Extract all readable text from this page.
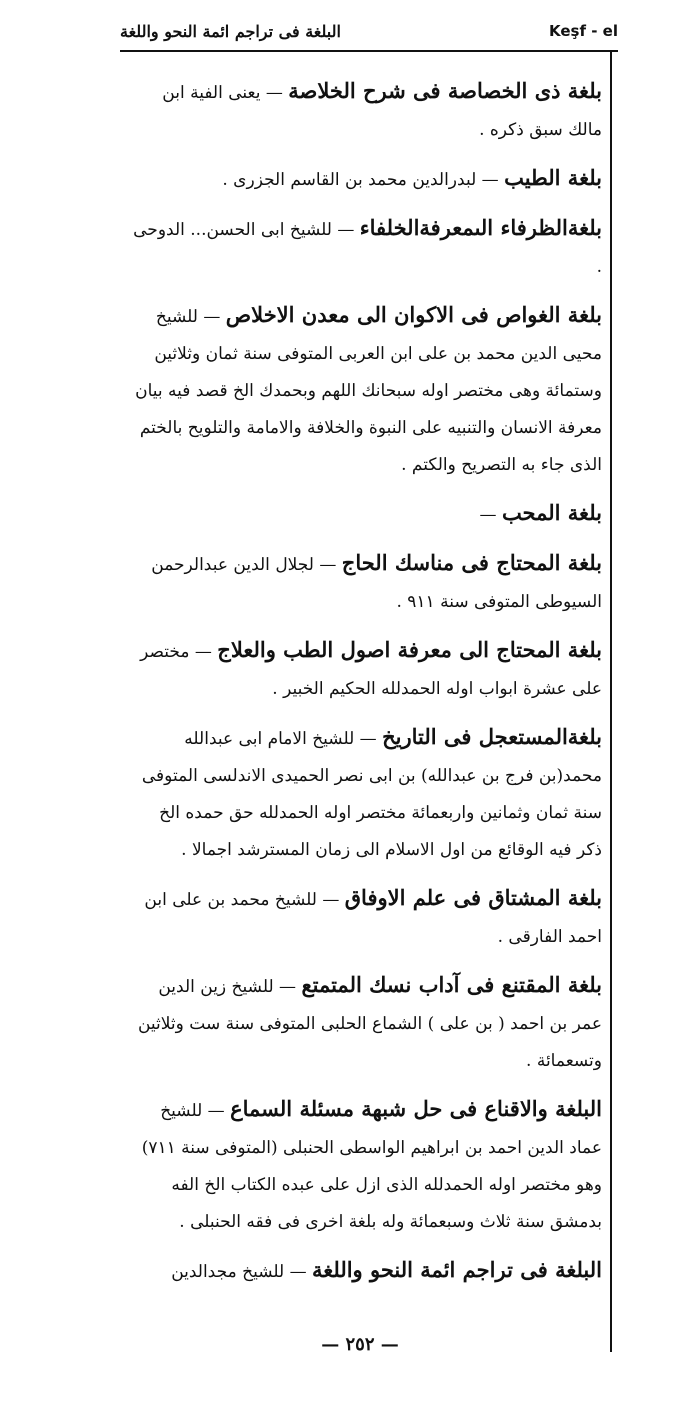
البلغة فى تراجم ائمة النحو واللغة	Keşf - el

بلغة ذى الخصاصة فى شرح الخلاصة — يعنى الفية ابن مالك سبق ذكره .

بلغة الطيب — لبدرالدين محمد بن القاسم الجزرى .

بلغةالظرفاء الىمعرفةالخلفاء — للشيخ ابى الحسن... الدوحى .

بلغة الغواص فى الاكوان الى معدن الاخلاص — للشيخ محيى الدين محمد بن على ابن العربى المتوفى سنة ثمان وثلاثين وستمائة وهى مختصر اوله سبحانك اللهم وبحمدك الخ قصد فيه بيان معرفة الانسان والتنبيه على النبوة والخلافة والامامة والتلويح بالختم الذى جاء به التصريح والكتم .

بلغة المحب —

بلغة المحتاج فى مناسك الحاج — لجلال الدين عبدالرحمن السيوطى المتوفى سنة ٩١١ .

بلغة المحتاج الى معرفة اصول الطب والعلاج — مختصر على عشرة ابواب اوله الحمدلله الحكيم الخبير .

بلغةالمستعجل فى التاريخ — للشيخ الامام ابى عبدالله محمد(بن فرج بن عبدالله) بن ابى نصر الحميدى الاندلسى المتوفى سنة ثمان وثمانين واربعمائة مختصر اوله الحمدلله حق حمده الخ ذكر فيه الوقائع من اول الاسلام الى زمان المسترشد اجمالا .

بلغة المشتاق فى علم الاوفاق — للشيخ محمد بن على ابن احمد الفارقى .

بلغة المقتنع فى آداب نسك المتمتع — للشيخ زين الدين عمر بن احمد ( بن على ) الشماع الحلبى المتوفى سنة ست وثلاثين وتسعمائة .

البلغة والاقناع فى حل شبهة مسئلة السماع — للشيخ عماد الدين احمد بن ابراهيم الواسطى الحنبلى (المتوفى سنة ٧١١) وهو مختصر اوله الحمدلله الذى ازل على عبده الكتاب الخ الفه بدمشق سنة ثلاث وسبعمائة وله بلغة اخرى فى فقه الحنبلى .

البلغة فى تراجم ائمة النحو واللغة — للشيخ مجدالدين

— ٢٥٢ —
